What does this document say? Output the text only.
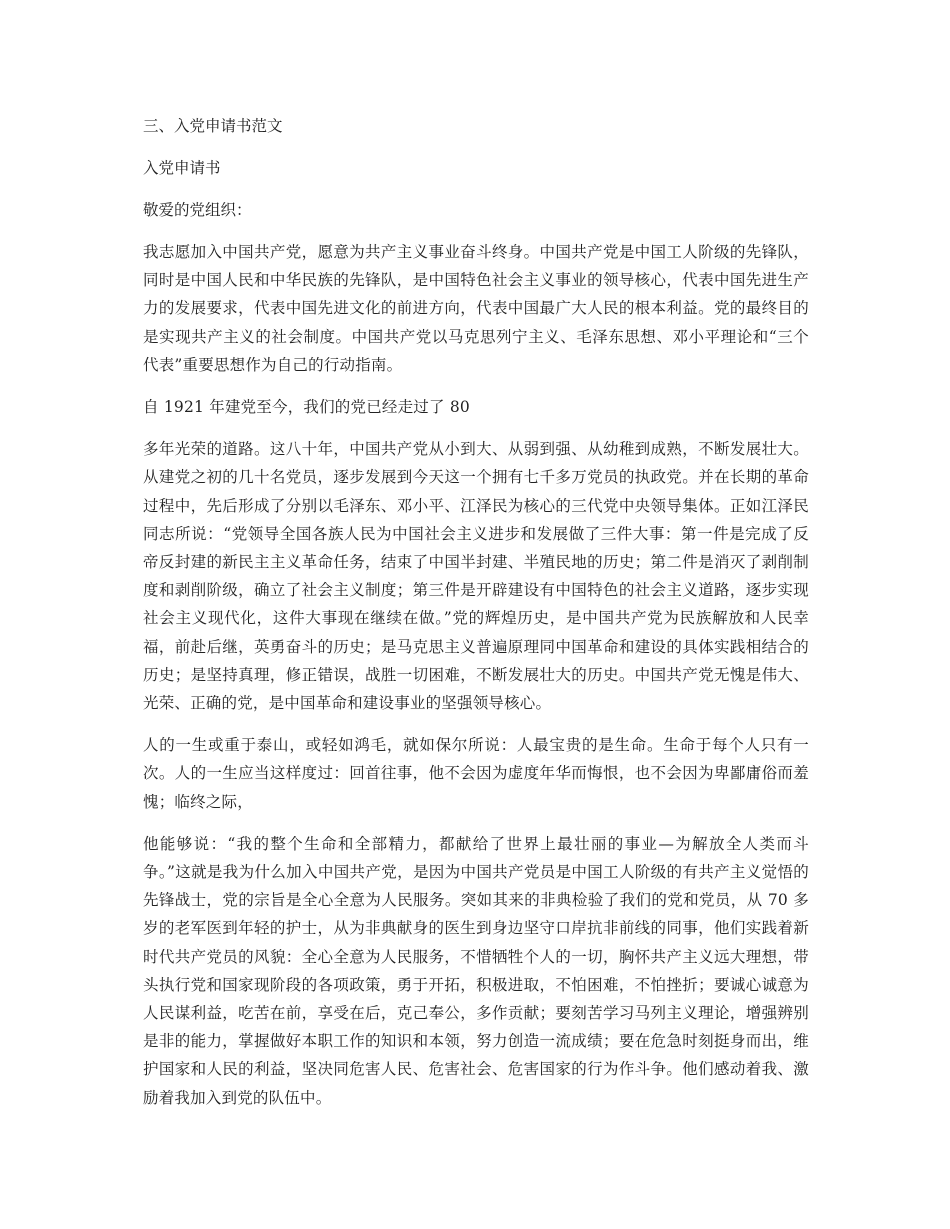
三、入党申请书范文

入党申请书

敬爱的党组织：

我志愿加入中国共产党，愿意为共产主义事业奋斗终身。中国共产党是中国工人阶级的先锋队，同时是中国人民和中华民族的先锋队，是中国特色社会主义事业的领导核心，代表中国先进生产力的发展要求，代表中国先进文化的前进方向，代表中国最广大人民的根本利益。党的最终目的是实现共产主义的社会制度。中国共产党以马克思列宁主义、毛泽东思想、邓小平理论和“三个代表”重要思想作为自己的行动指南。

自 1921 年建党至今，我们的党已经走过了 80

多年光荣的道路。这八十年，中国共产党从小到大、从弱到强、从幼稚到成熟，不断发展壮大。从建党之初的几十名党员，逐步发展到今天这一个拥有七千多万党员的执政党。并在长期的革命过程中，先后形成了分别以毛泽东、邓小平、江泽民为核心的三代党中央领导集体。正如江泽民同志所说：“党领导全国各族人民为中国社会主义进步和发展做了三件大事：第一件是完成了反帝反封建的新民主主义革命任务，结束了中国半封建、半殖民地的历史；第二件是消灭了剥削制度和剥削阶级，确立了社会主义制度；第三件是开辟建设有中国特色的社会主义道路，逐步实现社会主义现代化，这件大事现在继续在做。”党的辉煌历史，是中国共产党为民族解放和人民幸福，前赴后继，英勇奋斗的历史；是马克思主义普遍原理同中国革命和建设的具体实践相结合的历史；是坚持真理，修正错误，战胜一切困难，不断发展壮大的历史。中国共产党无愧是伟大、光荣、正确的党，是中国革命和建设事业的坚强领导核心。

人的一生或重于泰山，或轻如鸿毛，就如保尔所说：人最宝贵的是生命。生命于每个人只有一次。人的一生应当这样度过：回首往事，他不会因为虚度年华而悔恨，也不会因为卑鄙庸俗而羞愧；临终之际，

他能够说：“我的整个生命和全部精力，都献给了世界上最壮丽的事业—为解放全人类而斗争。”这就是我为什么加入中国共产党，是因为中国共产党员是中国工人阶级的有共产主义觉悟的先锋战士，党的宗旨是全心全意为人民服务。突如其来的非典检验了我们的党和党员，从 70 多岁的老军医到年轻的护士，从为非典献身的医生到身边坚守口岸抗非前线的同事，他们实践着新时代共产党员的风貌：全心全意为人民服务，不惜牺牲个人的一切，胸怀共产主义远大理想，带头执行党和国家现阶段的各项政策，勇于开拓，积极进取，不怕困难，不怕挫折；要诚心诚意为人民谋利益，吃苦在前，享受在后，克己奉公，多作贡献；要刻苦学习马列主义理论，增强辨别是非的能力，掌握做好本职工作的知识和本领，努力创造一流成绩；要在危急时刻挺身而出，维护国家和人民的利益，坚决同危害人民、危害社会、危害国家的行为作斗争。他们感动着我、激励着我加入到党的队伍中。
